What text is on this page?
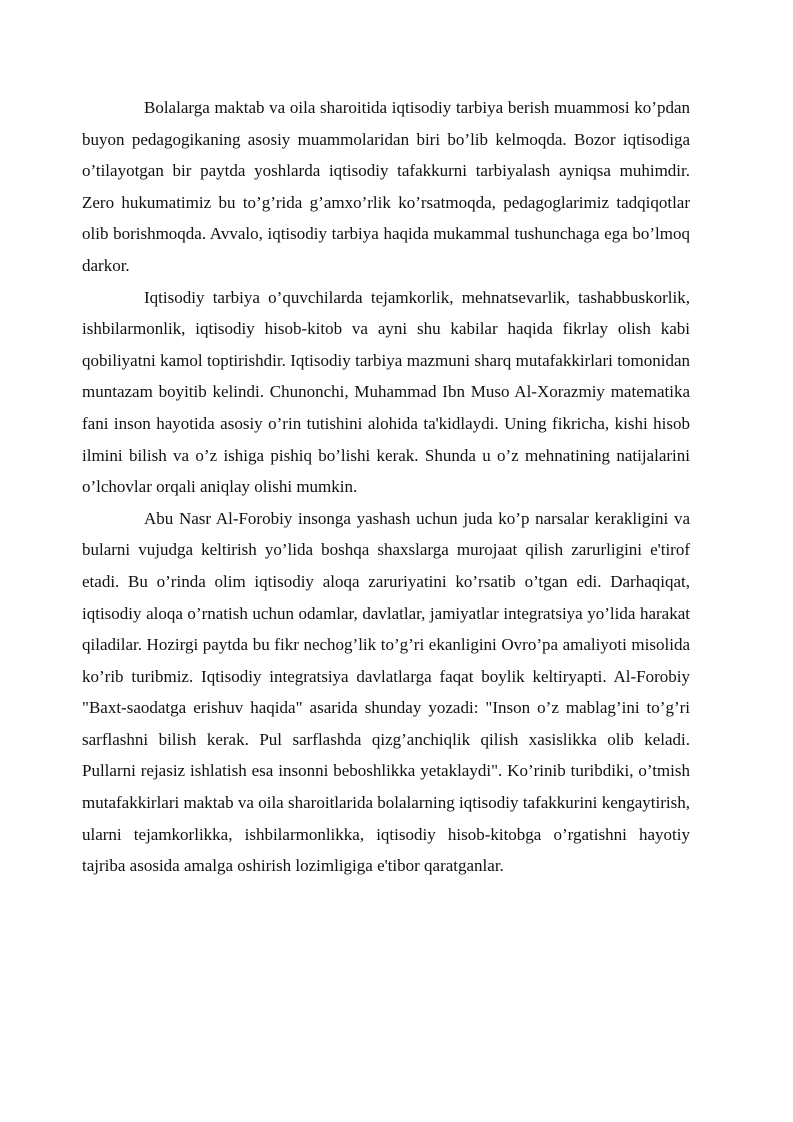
Bolalarga maktab va oila sharoitida iqtisodiy tarbiya berish muammosi ko’pdan buyon pedagogikaning asosiy muammolaridan biri bo’lib kelmoqda. Bozor iqtisodiga o’tilayotgan bir paytda yoshlarda iqtisodiy tafakkurni tarbiyalash ayniqsa muhimdir. Zero hukumatimiz bu to’g’rida g’amxo’rlik ko’rsatmoqda, pedagoglarimiz tadqiqotlar olib borishmoqda. Avvalo, iqtisodiy tarbiya haqida mukammal tushunchaga ega bo’lmoq darkor.

Iqtisodiy tarbiya o’quvchilarda tejamkorlik, mehnatsevarlik, tashabbuskorlik, ishbilarmonlik, iqtisodiy hisob-kitob va ayni shu kabilar haqida fikrlay olish kabi qobiliyatni kamol toptirishdir. Iqtisodiy tarbiya mazmuni sharq mutafakkirlari tomonidan muntazam boyitib kelindi. Chunonchi, Muhammad Ibn Muso Al-Xorazmiy matematika fani inson hayotida asosiy o’rin tutishini alohida ta'kidlaydi. Uning fikricha, kishi hisob ilmini bilish va o’z ishiga pishiq bo’lishi kerak. Shunda u o’z mehnatining natijalarini o’lchovlar orqali aniqlay olishi mumkin.

Abu Nasr Al-Forobiy insonga yashash uchun juda ko’p narsalar kerakligini va bularni vujudga keltirish yo’lida boshqa shaxslarga murojaat qilish zarurligini e'tirof etadi. Bu o’rinda olim iqtisodiy aloqa zaruriyatini ko’rsatib o’tgan edi. Darhaqiqat, iqtisodiy aloqa o’rnatish uchun odamlar, davlatlar, jamiyatlar integratsiya yo’lida harakat qiladilar. Hozirgi paytda bu fikr nechog’lik to’g’ri ekanligini Ovro’pa amaliyoti misolida ko’rib turibmiz. Iqtisodiy integratsiya davlatlarga faqat boylik keltiryapti. Al-Forobiy "Baxt-saodatga erishuv haqida" asarida shunday yozadi: "Inson o’z mablag’ini to’g’ri sarflashni bilish kerak. Pul sarflashda qizg’anchiqlik qilish xasislikka olib keladi. Pullarni rejasiz ishlatish esa insonni beboshlikka yetaklaydi". Ko’rinib turibdiki, o’tmish mutafakkirlari maktab va oila sharoitlarida bolalarning iqtisodiy tafakkurini kengaytirish, ularni tejamkorlikka, ishbilarmonlikka, iqtisodiy hisob-kitobga o’rgatishni hayotiy tajriba asosida amalga oshirish lozimligiga e'tibor qaratganlar.
